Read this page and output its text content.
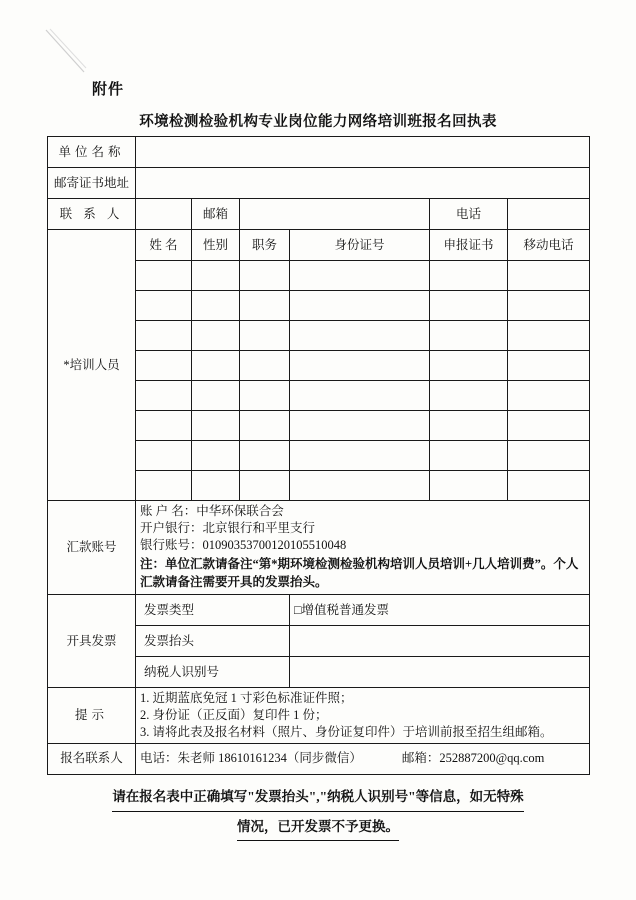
附件
环境检测检验机构专业岗位能力网络培训班报名回执表
单位名称						
邮寄证书地址						
联 系 人		邮箱			电话	
*培训人员	姓 名	性别	职务	身份证号	申报证书	移动电话

汇款账号	账 户 名：中华环保联合会
开户银行：北京银行和平里支行
银行账号：01090353700120105510048
注：单位汇款请备注“第*期环境检测检验机构培训人员培训+几人培训费”。个人汇款请备注需要开具的发票抬头。					

开具发票	发票类型			□增值税普通发票		
	发票抬头					
	纳税人识别号					
提示	1. 近期蓝底免冠 1 寸彩色标准证件照；
2. 身份证（正反面）复印件 1 份；
3. 请将此表及报名材料（照片、身份证复印件）于培训前报至招生组邮箱。					

报名联系人	电话：朱老师 18610161234（同步微信） 邮箱：252887200@qq.com					
请在报名表中正确填写"发票抬头","纳税人识别号"等信息，如无特殊
情况，已开发票不予更换。
